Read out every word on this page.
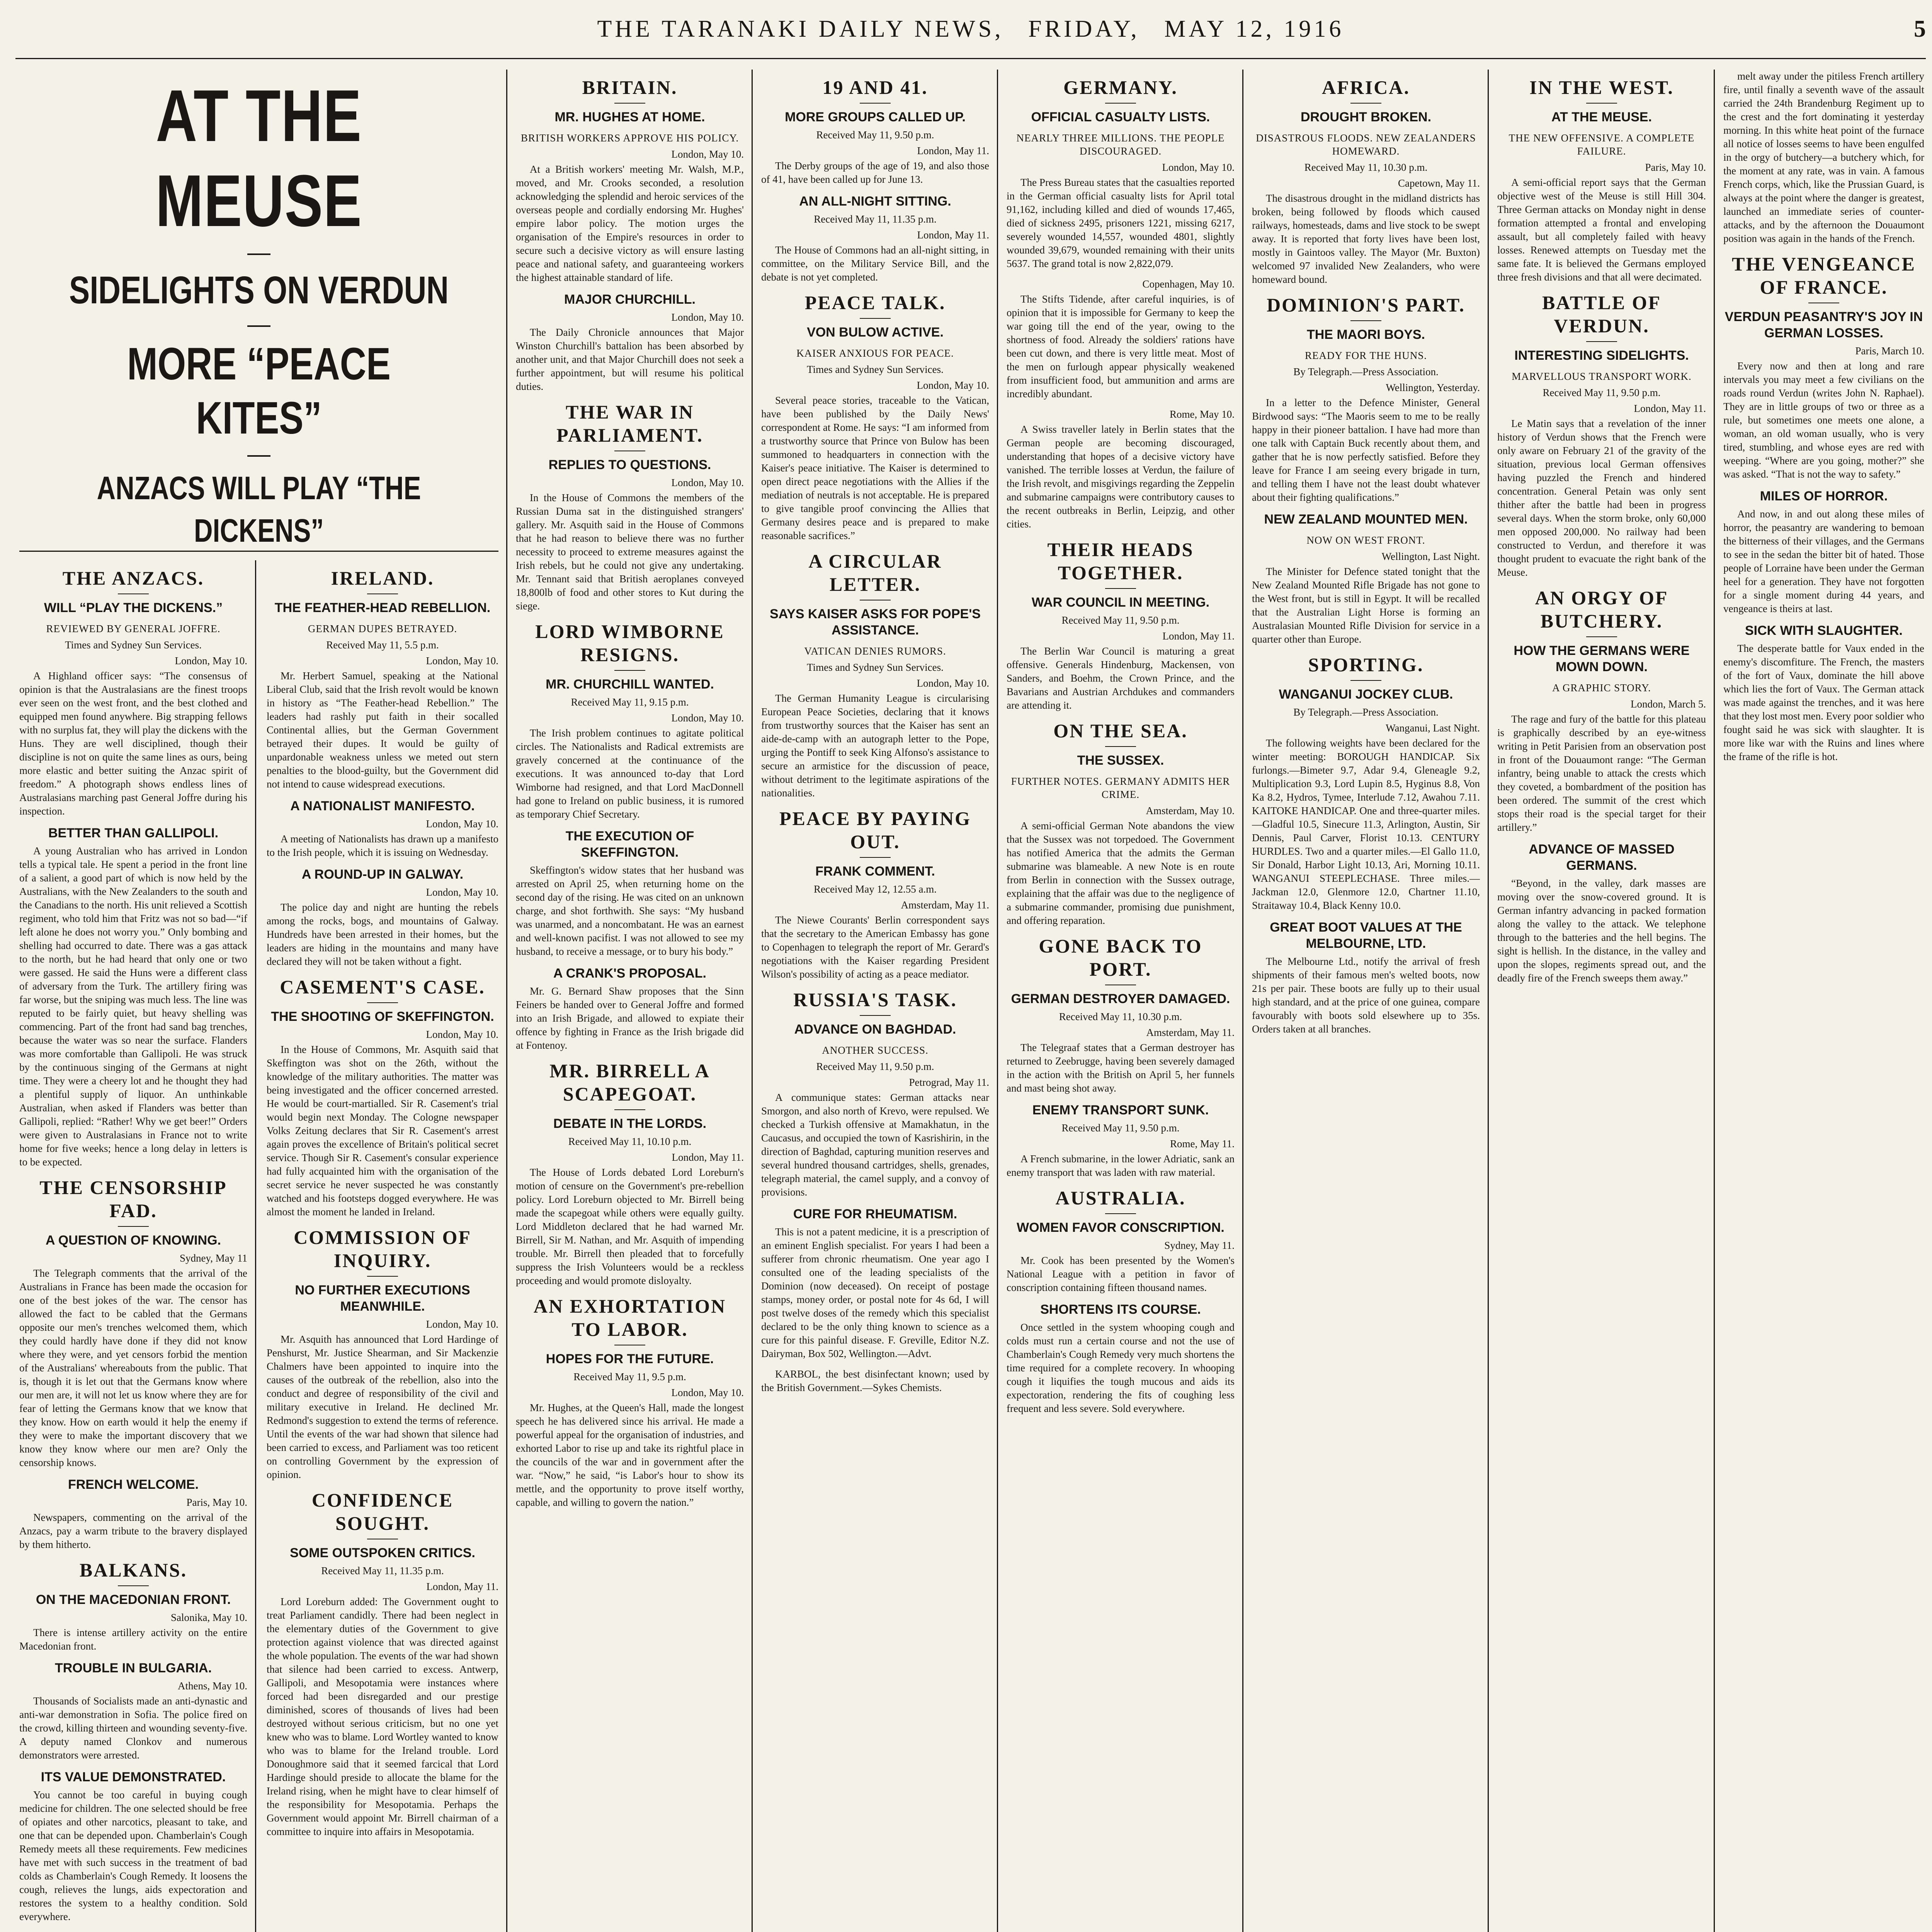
THE TARANAKI DAILY NEWS, FRIDAY, MAY 12, 1916	5
AT THE MEUSE
SIDELIGHTS ON VERDUN
MORE “PEACE KITES”
ANZACS WILL PLAY “THE DICKENS”
THE ANZACS.
WILL “PLAY THE DICKENS.”
REVIEWED BY GENERAL JOFFRE.
Times and Sydney Sun Services.
London, May 10.

A Highland officer says: “The consensus of opinion is that the Australasians are the finest troops ever seen on the west front, and the best clothed and equipped men found anywhere. Big strapping fellows with no surplus fat, they will play the dickens with the Huns. They are well disciplined, though their discipline is not on quite the same lines as ours, being more elastic and better suiting the Anzac spirit of freedom.” A photograph shows endless lines of Australasians marching past General Joffre during his inspection.

BETTER THAN GALLIPOLI.

A young Australian who has arrived in London tells a typical tale. He spent a period in the front line of a salient, a good part of which is now held by the Australians, with the New Zealanders to the south and the Canadians to the north. His unit relieved a Scottish regiment, who told him that Fritz was not so bad—“if left alone he does not worry you.” Only bombing and shelling had occurred to date. There was a gas attack to the north, but he had heard that only one or two were gassed. He said the Huns were a different class of adversary from the Turk. The artillery firing was far worse, but the sniping was much less. The line was reputed to be fairly quiet, but heavy shelling was commencing. Part of the front had sand bag trenches, because the water was so near the surface. Flanders was more comfortable than Gallipoli. He was struck by the continuous singing of the Germans at night time. They were a cheery lot and he thought they had a plentiful supply of liquor. An unthinkable Australian, when asked if Flanders was better than Gallipoli, replied: “Rather! Why we get beer!” Orders were given to Australasians in France not to write home for five weeks; hence a long delay in letters is to be expected.

THE CENSORSHIP FAD.
A QUESTION OF KNOWING.
Sydney, May 11

The Telegraph comments that the arrival of the Australians in France has been made the occasion for one of the best jokes of the war. The censor has allowed the fact to be cabled that the Germans opposite our men's trenches welcomed them, which they could hardly have done if they did not know where they were, and yet censors forbid the mention of the Australians' whereabouts from the public. That is, though it is let out that the Germans know where our men are, it will not let us know where they are for fear of letting the Germans know that we know that they know. How on earth would it help the enemy if they were to make the important discovery that we know they know where our men are? Only the censorship knows.

FRENCH WELCOME.
Paris, May 10.

Newspapers, commenting on the arrival of the Anzacs, pay a warm tribute to the bravery displayed by them hitherto.

BALKANS.
ON THE MACEDONIAN FRONT.
Salonika, May 10.

There is intense artillery activity on the entire Macedonian front.

TROUBLE IN BULGARIA.
Athens, May 10.

Thousands of Socialists made an anti-dynastic and anti-war demonstration in Sofia. The police fired on the crowd, killing thirteen and wounding seventy-five. A deputy named Clonkov and numerous demonstrators were arrested.

ITS VALUE DEMONSTRATED.

You cannot be too careful in buying cough medicine for children. The one selected should be free of opiates and other narcotics, pleasant to take, and one that can be depended upon. Chamberlain's Cough Remedy meets all these requirements. Few medicines have met with such success in the treatment of bad colds as Chamberlain's Cough Remedy. It loosens the cough, relieves the lungs, aids expectoration and restores the system to a healthy condition. Sold everywhere.

IRELAND.
THE FEATHER-HEAD REBELLION.
GERMAN DUPES BETRAYED.
Received May 11, 5.5 p.m.
London, May 10.

Mr. Herbert Samuel, speaking at the National Liberal Club, said that the Irish revolt would be known in history as “The Feather-head Rebellion.” The leaders had rashly put faith in their socalled Continental allies, but the German Government betrayed their dupes. It would be guilty of unpardonable weakness unless we meted out stern penalties to the blood-guilty, but the Government did not intend to cause widespread executions.

A NATIONALIST MANIFESTO.
London, May 10.

A meeting of Nationalists has drawn up a manifesto to the Irish people, which it is issuing on Wednesday.

A ROUND-UP IN GALWAY.
London, May 10.

The police day and night are hunting the rebels among the rocks, bogs, and mountains of Galway. Hundreds have been arrested in their homes, but the leaders are hiding in the mountains and many have declared they will not be taken without a fight.

CASEMENT'S CASE.
THE SHOOTING OF SKEFFINGTON.
London, May 10.

In the House of Commons, Mr. Asquith said that Skeffington was shot on the 26th, without the knowledge of the military authorities. The matter was being investigated and the officer concerned arrested. He would be court-martialled. Sir R. Casement's trial would begin next Monday. The Cologne newspaper Volks Zeitung declares that Sir R. Casement's arrest again proves the excellence of Britain's political secret service. Though Sir R. Casement's consular experience had fully acquainted him with the organisation of the secret service he never suspected he was constantly watched and his footsteps dogged everywhere. He was almost the moment he landed in Ireland.

COMMISSION OF INQUIRY.
NO FURTHER EXECUTIONS MEANWHILE.
London, May 10.

Mr. Asquith has announced that Lord Hardinge of Penshurst, Mr. Justice Shearman, and Sir Mackenzie Chalmers have been appointed to inquire into the causes of the outbreak of the rebellion, also into the conduct and degree of responsibility of the civil and military executive in Ireland. He declined Mr. Redmond's suggestion to extend the terms of reference. Until the events of the war had shown that silence had been carried to excess, and Parliament was too reticent on controlling Government by the expression of opinion.

CONFIDENCE SOUGHT.
SOME OUTSPOKEN CRITICS.
Received May 11, 11.35 p.m.
London, May 11.

Lord Loreburn added: The Government ought to treat Parliament candidly. There had been neglect in the elementary duties of the Government to give protection against violence that was directed against the whole population. The events of the war had shown that silence had been carried to excess. Antwerp, Gallipoli, and Mesopotamia were instances where forced had been disregarded and our prestige diminished, scores of thousands of lives had been destroyed without serious criticism, but no one yet knew who was to blame. Lord Wortley wanted to know who was to blame for the Ireland trouble. Lord Donoughmore said that it seemed farcical that Lord Hardinge should preside to allocate the blame for the Ireland rising, when he might have to clear himself of the responsibility for Mesopotamia. Perhaps the Government would appoint Mr. Birrell chairman of a committee to inquire into affairs in Mesopotamia.

BRITAIN.
MR. HUGHES AT HOME.
BRITISH WORKERS APPROVE HIS POLICY.
London, May 10.

At a British workers' meeting Mr. Walsh, M.P., moved, and Mr. Crooks seconded, a resolution acknowledging the splendid and heroic services of the overseas people and cordially endorsing Mr. Hughes' empire labor policy. The motion urges the organisation of the Empire's resources in order to secure such a decisive victory as will ensure lasting peace and national safety, and guaranteeing workers the highest attainable standard of life.

MAJOR CHURCHILL.
London, May 10.

The Daily Chronicle announces that Major Winston Churchill's battalion has been absorbed by another unit, and that Major Churchill does not seek a further appointment, but will resume his political duties.

THE WAR IN PARLIAMENT.
REPLIES TO QUESTIONS.
London, May 10.

In the House of Commons the members of the Russian Duma sat in the distinguished strangers' gallery. Mr. Asquith said in the House of Commons that he had reason to believe there was no further necessity to proceed to extreme measures against the Irish rebels, but he could not give any undertaking. Mr. Tennant said that British aeroplanes conveyed 18,800lb of food and other stores to Kut during the siege.

LORD WIMBORNE RESIGNS.
MR. CHURCHILL WANTED.
Received May 11, 9.15 p.m.
London, May 10.

The Irish problem continues to agitate political circles. The Nationalists and Radical extremists are gravely concerned at the continuance of the executions. It was announced to-day that Lord Wimborne had resigned, and that Lord MacDonnell had gone to Ireland on public business, it is rumored as temporary Chief Secretary.

THE EXECUTION OF SKEFFINGTON.

Skeffington's widow states that her husband was arrested on April 25, when returning home on the second day of the rising. He was cited on an unknown charge, and shot forthwith. She says: “My husband was unarmed, and a noncombatant. He was an earnest and well-known pacifist. I was not allowed to see my husband, to receive a message, or to bury his body.”

A CRANK'S PROPOSAL.

Mr. G. Bernard Shaw proposes that the Sinn Feiners be handed over to General Joffre and formed into an Irish Brigade, and allowed to expiate their offence by fighting in France as the Irish brigade did at Fontenoy.

MR. BIRRELL A SCAPEGOAT.
DEBATE IN THE LORDS.
Received May 11, 10.10 p.m.
London, May 11.

The House of Lords debated Lord Loreburn's motion of censure on the Government's pre-rebellion policy. Lord Loreburn objected to Mr. Birrell being made the scapegoat while others were equally guilty. Lord Middleton declared that he had warned Mr. Birrell, Sir M. Nathan, and Mr. Asquith of impending trouble. Mr. Birrell then pleaded that to forcefully suppress the Irish Volunteers would be a reckless proceeding and would promote disloyalty.

AN EXHORTATION TO LABOR.
HOPES FOR THE FUTURE.
Received May 11, 9.5 p.m.
London, May 10.

Mr. Hughes, at the Queen's Hall, made the longest speech he has delivered since his arrival. He made a powerful appeal for the organisation of industries, and exhorted Labor to rise up and take its rightful place in the councils of the war and in government after the war. “Now,” he said, “is Labor's hour to show its mettle, and the opportunity to prove itself worthy, capable, and willing to govern the nation.”

19 AND 41.
MORE GROUPS CALLED UP.
Received May 11, 9.50 p.m.
London, May 11.

The Derby groups of the age of 19, and also those of 41, have been called up for June 13.

AN ALL-NIGHT SITTING.
Received May 11, 11.35 p.m.
London, May 11.

The House of Commons had an all-night sitting, in committee, on the Military Service Bill, and the debate is not yet completed.

PEACE TALK.
VON BULOW ACTIVE.
KAISER ANXIOUS FOR PEACE.
Times and Sydney Sun Services.
London, May 10.

Several peace stories, traceable to the Vatican, have been published by the Daily News' correspondent at Rome. He says: “I am informed from a trustworthy source that Prince von Bulow has been summoned to headquarters in connection with the Kaiser's peace initiative. The Kaiser is determined to open direct peace negotiations with the Allies if the mediation of neutrals is not acceptable. He is prepared to give tangible proof convincing the Allies that Germany desires peace and is prepared to make reasonable sacrifices.”

A CIRCULAR LETTER.
SAYS KAISER ASKS FOR POPE'S ASSISTANCE.
VATICAN DENIES RUMORS.
Times and Sydney Sun Services.
London, May 10.

The German Humanity League is circularising European Peace Societies, declaring that it knows from trustworthy sources that the Kaiser has sent an aide-de-camp with an autograph letter to the Pope, urging the Pontiff to seek King Alfonso's assistance to secure an armistice for the discussion of peace, without detriment to the legitimate aspirations of the nationalities.

PEACE BY PAYING OUT.
FRANK COMMENT.
Received May 12, 12.55 a.m.
Amsterdam, May 11.

The Niewe Courants' Berlin correspondent says that the secretary to the American Embassy has gone to Copenhagen to telegraph the report of Mr. Gerard's negotiations with the Kaiser regarding President Wilson's possibility of acting as a peace mediator.

RUSSIA'S TASK.
ADVANCE ON BAGHDAD.
ANOTHER SUCCESS.
Received May 11, 9.50 p.m.
Petrograd, May 11.

A communique states: German attacks near Smorgon, and also north of Krevo, were repulsed. We checked a Turkish offensive at Mamakhatun, in the Caucasus, and occupied the town of Kasrishirin, in the direction of Baghdad, capturing munition reserves and several hundred thousand cartridges, shells, grenades, telegraph material, the camel supply, and a convoy of provisions.

CURE FOR RHEUMATISM.

This is not a patent medicine, it is a prescription of an eminent English specialist. For years I had been a sufferer from chronic rheumatism. One year ago I consulted one of the leading specialists of the Dominion (now deceased). On receipt of postage stamps, money order, or postal note for 4s 6d, I will post twelve doses of the remedy which this specialist declared to be the only thing known to science as a cure for this painful disease. F. Greville, Editor N.Z. Dairyman, Box 502, Wellington.—Advt.

KARBOL, the best disinfectant known; used by the British Government.—Sykes Chemists.

GERMANY.
OFFICIAL CASUALTY LISTS.
NEARLY THREE MILLIONS. THE PEOPLE DISCOURAGED.
London, May 10.

The Press Bureau states that the casualties reported in the German official casualty lists for April total 91,162, including killed and died of wounds 17,465, died of sickness 2495, prisoners 1221, missing 6217, severely wounded 14,557, wounded 4801, slightly wounded 39,679, wounded remaining with their units 5637. The grand total is now 2,822,079.

Copenhagen, May 10.

The Stifts Tidende, after careful inquiries, is of opinion that it is impossible for Germany to keep the war going till the end of the year, owing to the shortness of food. Already the soldiers' rations have been cut down, and there is very little meat. Most of the men on furlough appear physically weakened from insufficient food, but ammunition and arms are incredibly abundant.

Rome, May 10.

A Swiss traveller lately in Berlin states that the German people are becoming discouraged, understanding that hopes of a decisive victory have vanished. The terrible losses at Verdun, the failure of the Irish revolt, and misgivings regarding the Zeppelin and submarine campaigns were contributory causes to the recent outbreaks in Berlin, Leipzig, and other cities.

THEIR HEADS TOGETHER.
WAR COUNCIL IN MEETING.
Received May 11, 9.50 p.m.
London, May 11.

The Berlin War Council is maturing a great offensive. Generals Hindenburg, Mackensen, von Sanders, and Boehm, the Crown Prince, and the Bavarians and Austrian Archdukes and commanders are attending it.

ON THE SEA.
THE SUSSEX.
FURTHER NOTES. GERMANY ADMITS HER CRIME.
Amsterdam, May 10.

A semi-official German Note abandons the view that the Sussex was not torpedoed. The Government has notified America that the admits the German submarine was blameable. A new Note is en route from Berlin in connection with the Sussex outrage, explaining that the affair was due to the negligence of a submarine commander, promising due punishment, and offering reparation.

GONE BACK TO PORT.
GERMAN DESTROYER DAMAGED.
Received May 11, 10.30 p.m.
Amsterdam, May 11.

The Telegraaf states that a German destroyer has returned to Zeebrugge, having been severely damaged in the action with the British on April 5, her funnels and mast being shot away.

ENEMY TRANSPORT SUNK.
Received May 11, 9.50 p.m.
Rome, May 11.

A French submarine, in the lower Adriatic, sank an enemy transport that was laden with raw material.

AUSTRALIA.
WOMEN FAVOR CONSCRIPTION.
Sydney, May 11.

Mr. Cook has been presented by the Women's National League with a petition in favor of conscription containing fifteen thousand names.

SHORTENS ITS COURSE.

Once settled in the system whooping cough and colds must run a certain course and not the use of Chamberlain's Cough Remedy very much shortens the time required for a complete recovery. In whooping cough it liquifies the tough mucous and aids its expectoration, rendering the fits of coughing less frequent and less severe. Sold everywhere.

AFRICA.
DROUGHT BROKEN.
DISASTROUS FLOODS. NEW ZEALANDERS HOMEWARD.
Received May 11, 10.30 p.m.
Capetown, May 11.

The disastrous drought in the midland districts has broken, being followed by floods which caused railways, homesteads, dams and live stock to be swept away. It is reported that forty lives have been lost, mostly in Gaintoos valley. The Mayor (Mr. Buxton) welcomed 97 invalided New Zealanders, who were homeward bound.

DOMINION'S PART.
THE MAORI BOYS.
READY FOR THE HUNS.
By Telegraph.—Press Association.
Wellington, Yesterday.

In a letter to the Defence Minister, General Birdwood says: “The Maoris seem to me to be really happy in their pioneer battalion. I have had more than one talk with Captain Buck recently about them, and gather that he is now perfectly satisfied. Before they leave for France I am seeing every brigade in turn, and telling them I have not the least doubt whatever about their fighting qualifications.”

NEW ZEALAND MOUNTED MEN.
NOW ON WEST FRONT.
Wellington, Last Night.

The Minister for Defence stated tonight that the New Zealand Mounted Rifle Brigade has not gone to the West front, but is still in Egypt. It will be recalled that the Australian Light Horse is forming an Australasian Mounted Rifle Division for service in a quarter other than Europe.

SPORTING.
WANGANUI JOCKEY CLUB.
By Telegraph.—Press Association.
Wanganui, Last Night.

The following weights have been declared for the winter meeting: BOROUGH HANDICAP. Six furlongs.—Bimeter 9.7, Adar 9.4, Gleneagle 9.2, Multiplication 9.3, Lord Lupin 8.5, Hyginus 8.8, Von Ka 8.2, Hydros, Tymee, Interlude 7.12, Awahou 7.11. KAITOKE HANDICAP. One and three-quarter miles.—Gladful 10.5, Sinecure 11.3, Arlington, Austin, Sir Dennis, Paul Carver, Florist 10.13. CENTURY HURDLES. Two and a quarter miles.—El Gallo 11.0, Sir Donald, Harbor Light 10.13, Ari, Morning 10.11. WANGANUI STEEPLECHASE. Three miles.—Jackman 12.0, Glenmore 12.0, Chartner 11.10, Straitaway 10.4, Black Kenny 10.0.

GREAT BOOT VALUES AT THE MELBOURNE, LTD.

The Melbourne Ltd., notify the arrival of fresh shipments of their famous men's welted boots, now 21s per pair. These boots are fully up to their usual high standard, and at the price of one guinea, compare favourably with boots sold elsewhere up to 35s. Orders taken at all branches.

IN THE WEST.
AT THE MEUSE.
THE NEW OFFENSIVE. A COMPLETE FAILURE.
Paris, May 10.

A semi-official report says that the German objective west of the Meuse is still Hill 304. Three German attacks on Monday night in dense formation attempted a frontal and enveloping assault, but all completely failed with heavy losses. Renewed attempts on Tuesday met the same fate. It is believed the Germans employed three fresh divisions and that all were decimated.

BATTLE OF VERDUN.
INTERESTING SIDELIGHTS.
MARVELLOUS TRANSPORT WORK.
Received May 11, 9.50 p.m.
London, May 11.

Le Matin says that a revelation of the inner history of Verdun shows that the French were only aware on February 21 of the gravity of the situation, previous local German offensives having puzzled the French and hindered concentration. General Petain was only sent thither after the battle had been in progress several days. When the storm broke, only 60,000 men opposed 200,000. No railway had been constructed to Verdun, and therefore it was thought prudent to evacuate the right bank of the Meuse.

AN ORGY OF BUTCHERY.
HOW THE GERMANS WERE MOWN DOWN.
A GRAPHIC STORY.
London, March 5.

The rage and fury of the battle for this plateau is graphically described by an eye-witness writing in Petit Parisien from an observation post in front of the Douaumont range: “The German infantry, being unable to attack the crests which they coveted, a bombardment of the position has been ordered. The summit of the crest which stops their road is the special target for their artillery.”

ADVANCE OF MASSED GERMANS.

“Beyond, in the valley, dark masses are moving over the snow-covered ground. It is German infantry advancing in packed formation along the valley to the attack. We telephone through to the batteries and the hell begins. The sight is hellish. In the distance, in the valley and upon the slopes, regiments spread out, and the deadly fire of the French sweeps them away.”

melt away under the pitiless French artillery fire, until finally a seventh wave of the assault carried the 24th Brandenburg Regiment up to the crest and the fort dominating it yesterday morning. In this white heat point of the furnace all notice of losses seems to have been engulfed in the orgy of butchery—a butchery which, for the moment at any rate, was in vain. A famous French corps, which, like the Prussian Guard, is always at the point where the danger is greatest, launched an immediate series of counter-attacks, and by the afternoon the Douaumont position was again in the hands of the French.

THE VENGEANCE OF FRANCE.
VERDUN PEASANTRY'S JOY IN GERMAN LOSSES.
Paris, March 10.

Every now and then at long and rare intervals you may meet a few civilians on the roads round Verdun (writes John N. Raphael). They are in little groups of two or three as a rule, but sometimes one meets one alone, a woman, an old woman usually, who is very tired, stumbling, and whose eyes are red with weeping. “Where are you going, mother?” she was asked. “That is not the way to safety.”

MILES OF HORROR.

And now, in and out along these miles of horror, the peasantry are wandering to bemoan the bitterness of their villages, and the Germans to see in the sedan the bitter bit of hated. Those people of Lorraine have been under the German heel for a generation. They have not forgotten for a single moment during 44 years, and vengeance is theirs at last.

SICK WITH SLAUGHTER.

The desperate battle for Vaux ended in the enemy's discomfiture. The French, the masters of the fort of Vaux, dominate the hill above which lies the fort of Vaux. The German attack was made against the trenches, and it was here that they lost most men. Every poor soldier who fought said he was sick with slaughter. It is more like war with the Ruins and lines where the frame of the rifle is hot.
